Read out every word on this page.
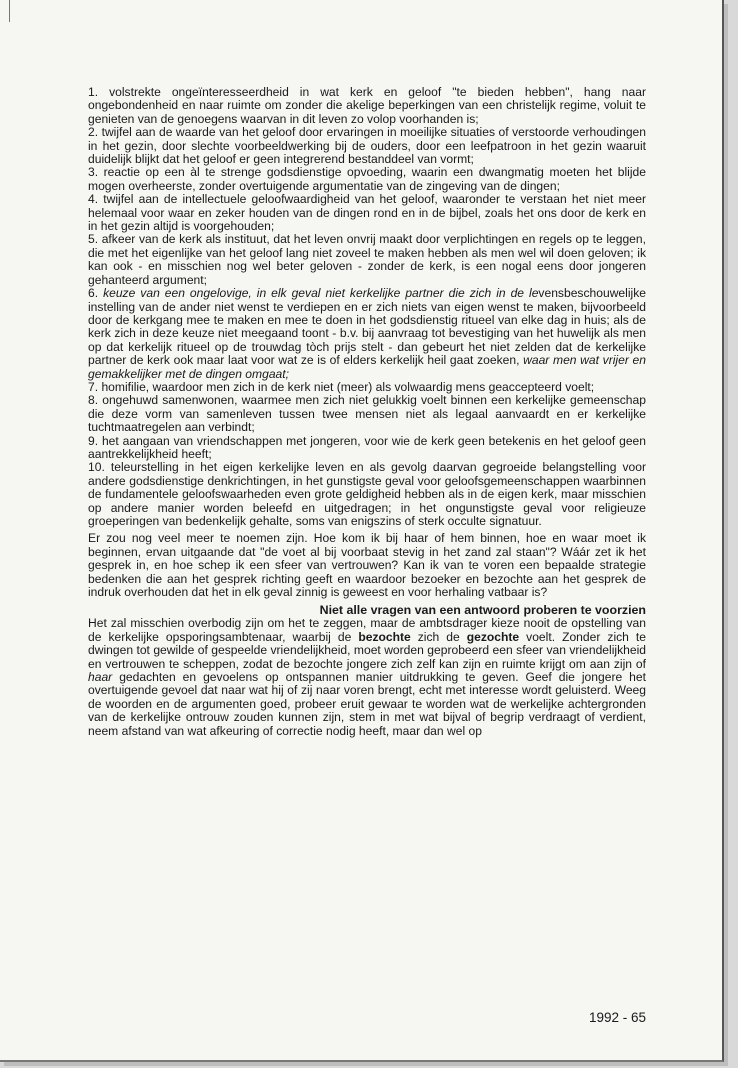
1. volstrekte ongeïnteresseerdheid in wat kerk en geloof "te bieden hebben", hang naar ongebondenheid en naar ruimte om zonder die akelige beperkingen van een christelijk regime, voluit te genieten van de genoegens waarvan in dit leven zo volop voorhanden is;

2. twijfel aan de waarde van het geloof door ervaringen in moeilijke situaties of verstoorde verhoudingen in het gezin, door slechte voorbeeldwerking bij de ouders, door een leefpatroon in het gezin waaruit duidelijk blijkt dat het geloof er geen integrerend bestanddeel van vormt;

3. reactie op een àl te strenge godsdienstige opvoeding, waarin een dwangmatig moeten het blijde mogen overheerste, zonder overtuigende argumentatie van de zingeving van de dingen;

4. twijfel aan de intellectuele geloofwaardigheid van het geloof, waaronder te verstaan het niet meer helemaal voor waar en zeker houden van de dingen rond en in de bijbel, zoals het ons door de kerk en in het gezin altijd is voorgehouden;

5. afkeer van de kerk als instituut, dat het leven onvrij maakt door verplichtingen en regels op te leggen, die met het eigenlijke van het geloof lang niet zoveel te maken hebben als men wel wil doen geloven; ik kan ook - en misschien nog wel beter geloven - zonder de kerk, is een nogal eens door jongeren gehanteerd argument;

6. keuze van een ongelovige, in elk geval niet kerkelijke partner die zich in de levensbeschouwelijke instelling van de ander niet wenst te verdiepen en er zich niets van eigen wenst te maken, bijvoorbeeld door de kerkgang mee te maken en mee te doen in het godsdienstig ritueel van elke dag in huis; als de kerk zich in deze keuze niet meegaand toont - b.v. bij aanvraag tot bevestiging van het huwelijk als men op dat kerkelijk ritueel op de trouwdag tòch prijs stelt - dan gebeurt het niet zelden dat de kerkelijke partner de kerk ook maar laat voor wat ze is of elders kerkelijk heil gaat zoeken, waar men wat vrijer en gemakkelijker met de dingen omgaat;

7. homifilie, waardoor men zich in de kerk niet (meer) als volwaardig mens geaccepteerd voelt;

8. ongehuwd samenwonen, waarmee men zich niet gelukkig voelt binnen een kerkelijke gemeenschap die deze vorm van samenleven tussen twee mensen niet als legaal aanvaardt en er kerkelijke tuchtmaatregelen aan verbindt;

9. het aangaan van vriendschappen met jongeren, voor wie de kerk geen betekenis en het geloof geen aantrekkelijkheid heeft;

10. teleurstelling in het eigen kerkelijke leven en als gevolg daarvan gegroeide belangstelling voor andere godsdienstige denkrichtingen, in het gunstigste geval voor geloofsgemeenschappen waarbinnen de fundamentele geloofswaarheden even grote geldigheid hebben als in de eigen kerk, maar misschien op andere manier worden beleefd en uitgedragen; in het ongunstigste geval voor religieuze groeperingen van bedenkelijk gehalte, soms van enigszins of sterk occulte signatuur.

Er zou nog veel meer te noemen zijn. Hoe kom ik bij haar of hem binnen, hoe en waar moet ik beginnen, ervan uitgaande dat "de voet al bij voorbaat stevig in het zand zal staan"? Wáár zet ik het gesprek in, en hoe schep ik een sfeer van vertrouwen? Kan ik van te voren een bepaalde strategie bedenken die aan het gesprek richting geeft en waardoor bezoeker en bezochte aan het gesprek de indruk overhouden dat het in elk geval zinnig is geweest en voor herhaling vatbaar is?

Niet alle vragen van een antwoord proberen te voorzien

Het zal misschien overbodig zijn om het te zeggen, maar de ambtsdrager kieze nooit de opstelling van de kerkelijke opsporingsambtenaar, waarbij de bezochte zich de gezochte voelt. Zonder zich te dwingen tot gewilde of gespeelde vriendelijkheid, moet worden geprobeerd een sfeer van vriendelijkheid en vertrouwen te scheppen, zodat de bezochte jongere zich zelf kan zijn en ruimte krijgt om aan zijn of haar gedachten en gevoelens op ontspannen manier uitdrukking te geven. Geef die jongere het overtuigende gevoel dat naar wat hij of zij naar voren brengt, echt met interesse wordt geluisterd. Weeg de woorden en de argumenten goed, probeer eruit gewaar te worden wat de werkelijke achtergronden van de kerkelijke ontrouw zouden kunnen zijn, stem in met wat bijval of begrip verdraagt of verdient, neem afstand van wat afkeuring of correctie nodig heeft, maar dan wel op

1992 - 65
